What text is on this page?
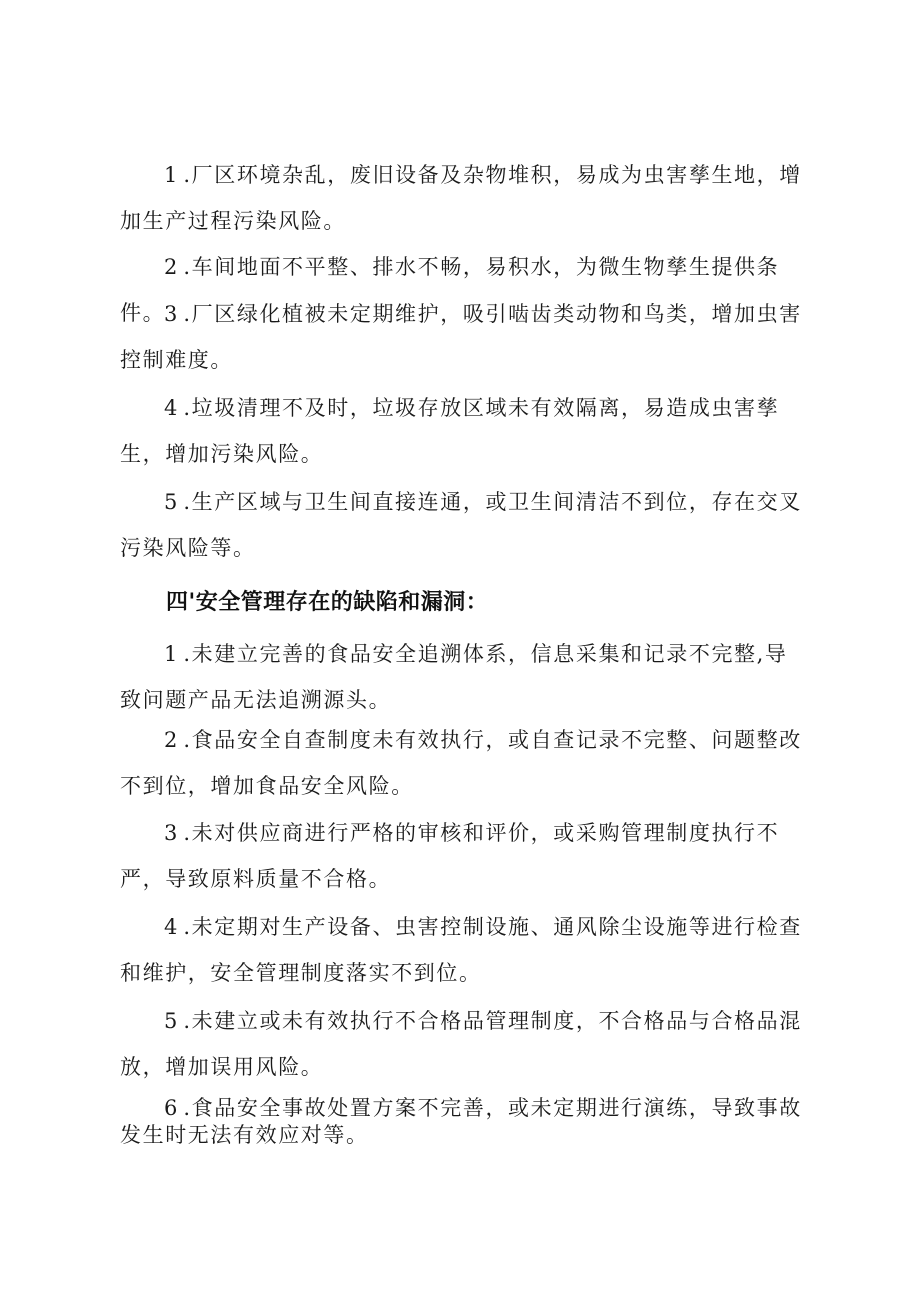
1.厂区环境杂乱，废旧设备及杂物堆积，易成为虫害孳生地，增加生产过程污染风险。

2.车间地面不平整、排水不畅，易积水，为微生物孳生提供条件。

3.厂区绿化植被未定期维护，吸引啮齿类动物和鸟类，增加虫害控制难度。

4.垃圾清理不及时，垃圾存放区域未有效隔离，易造成虫害孳生，增加污染风险。

5.生产区域与卫生间直接连通，或卫生间清洁不到位，存在交叉污染风险等。

四'安全管理存在的缺陷和漏洞：

1.未建立完善的食品安全追溯体系，信息采集和记录不完整,导致问题产品无法追溯源头。

2.食品安全自查制度未有效执行，或自查记录不完整、问题整改不到位，增加食品安全风险。

3.未对供应商进行严格的审核和评价，或采购管理制度执行不严，导致原料质量不合格。

4.未定期对生产设备、虫害控制设施、通风除尘设施等进行检查和维护，安全管理制度落实不到位。

5.未建立或未有效执行不合格品管理制度，不合格品与合格品混放，增加误用风险。

6.食品安全事故处置方案不完善，或未定期进行演练，导致事故发生时无法有效应对等。
